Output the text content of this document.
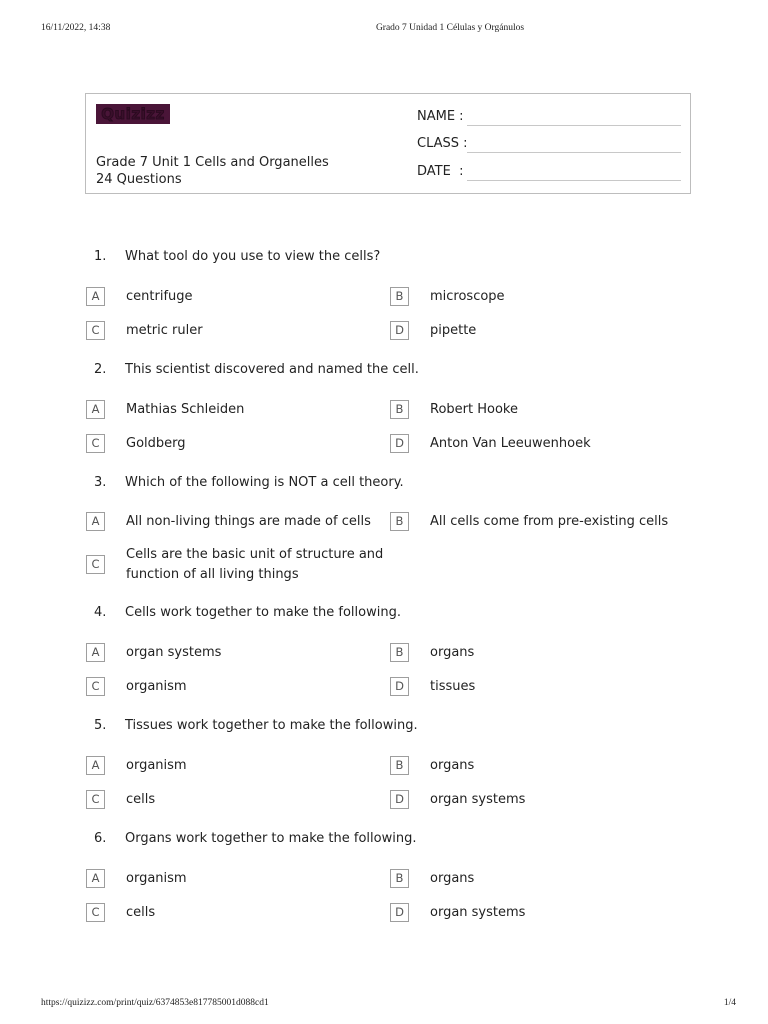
16/11/2022, 14:38	Grado 7 Unidad 1 Células y Orgánulos
Quizizz
Grade 7 Unit 1 Cells and Organelles
24 Questions
NAME :
CLASS :
DATE  :
1. What tool do you use to view the cells?
A	centrifuge	B	microscope
C	metric ruler	D	pipette
2. This scientist discovered and named the cell.
A	Mathias Schleiden	B	Robert Hooke
C	Goldberg	D	Anton Van Leeuwenhoek
3. Which of the following is NOT a cell theory.
A	All non-living things are made of cells	B	All cells come from pre-existing cells
C
Cells are the basic unit of structure and function of all living things
4. Cells work together to make the following.
A	organ systems	B	organs
C	organism	D	tissues
5. Tissues work together to make the following.
A	organism	B	organs
C	cells	D	organ systems
6. Organs work together to make the following.
A	organism	B	organs
C	cells	D	organ systems
https://quizizz.com/print/quiz/6374853e817785001d088cd1	1/4
